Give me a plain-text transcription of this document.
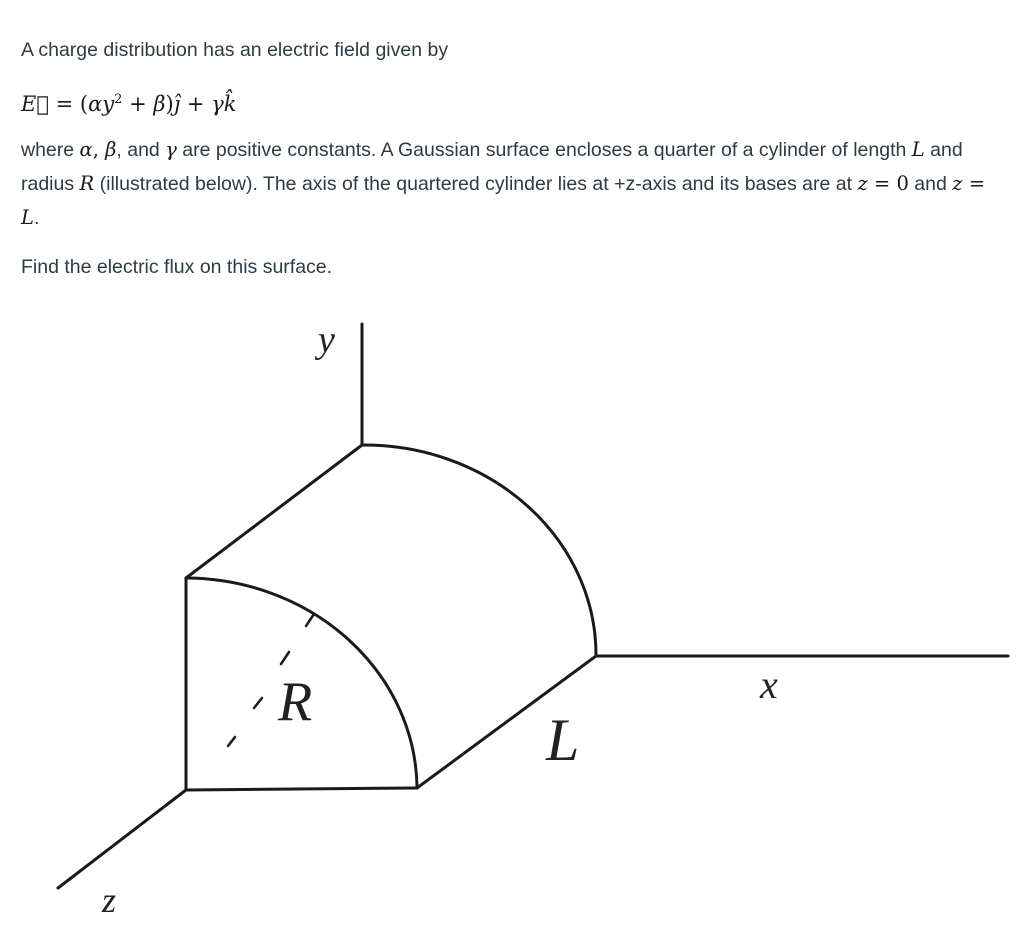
A charge distribution has an electric field given by

E⃗ = ($\alpha y^2$ + β)ȷ̂ + γk̂

where α, β, and γ are positive constants. A Gaussian surface encloses a quarter of a cylinder of length L and radius R (illustrated below). The axis of the quartered cylinder lies at +z-axis and its bases are at z = 0 and z = L.

Find the electric flux on this surface.

y
x
z
R
L
